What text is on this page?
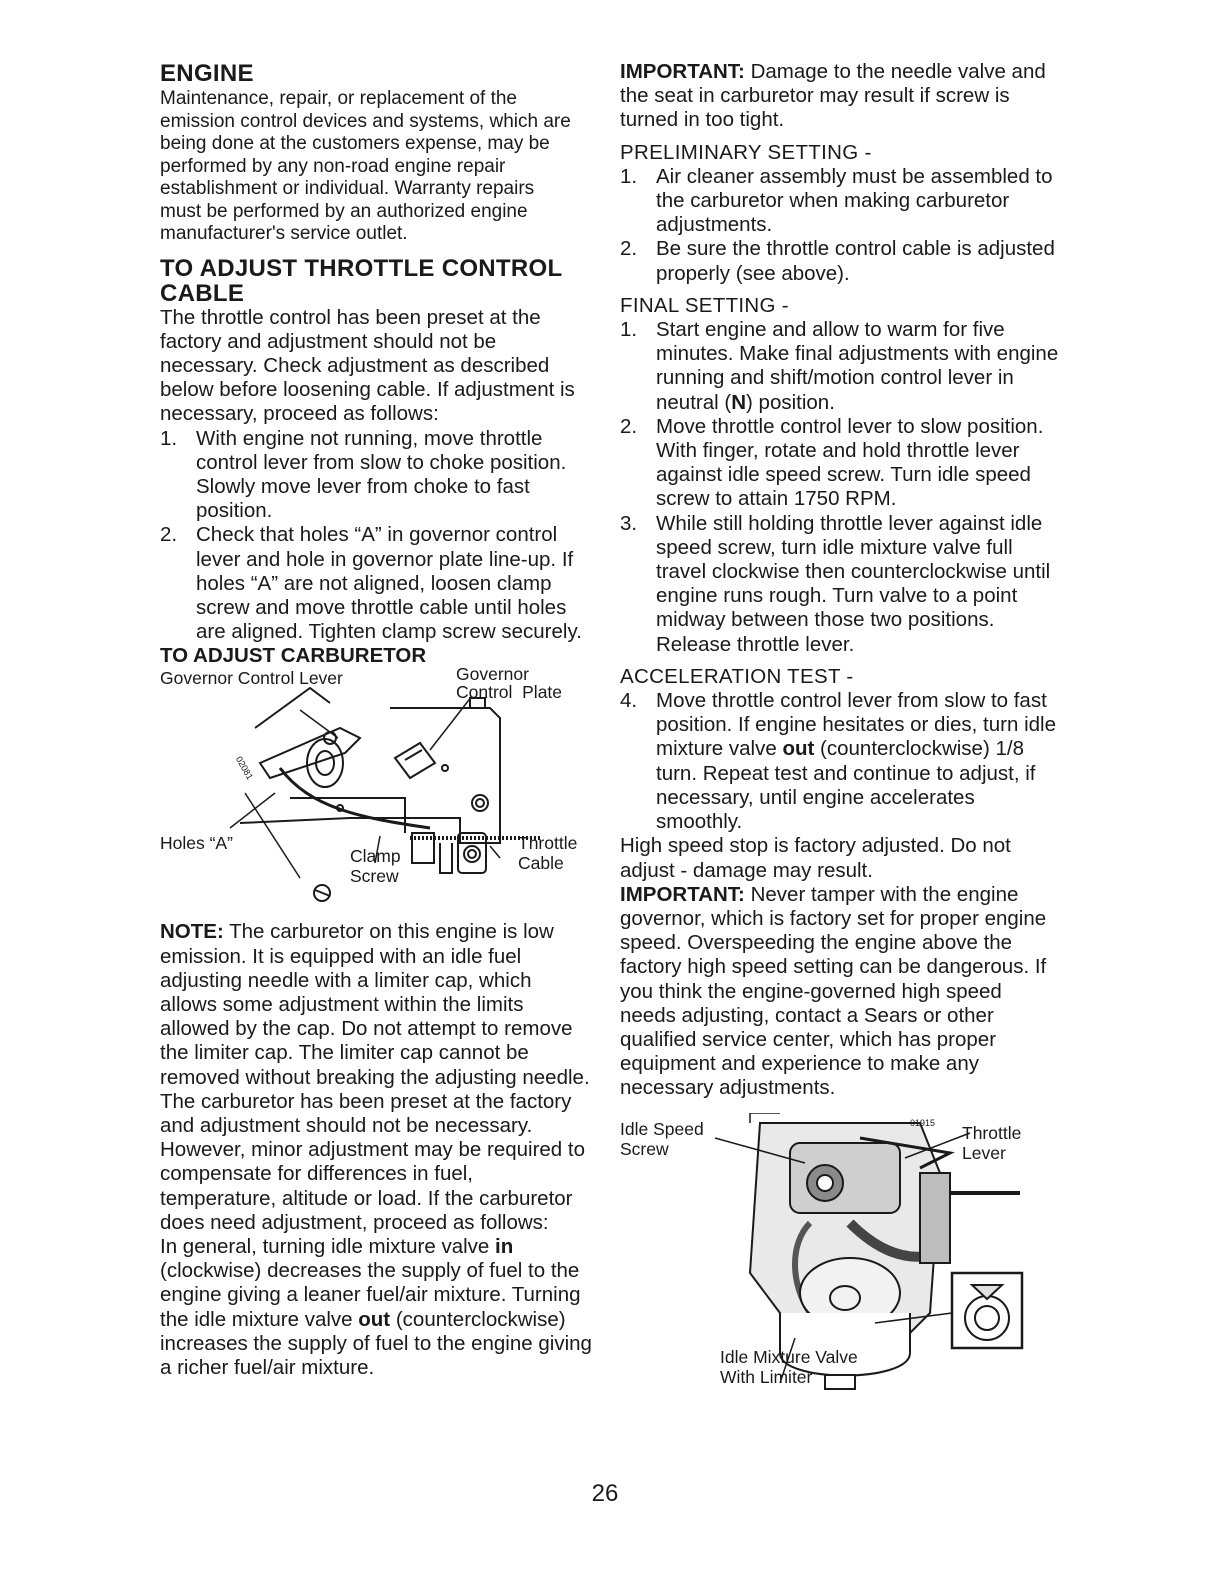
ENGINE

Maintenance, repair, or replacement of the emission control devices and systems, which are being done at the customers expense, may be performed by any non-road engine repair establishment or individual. Warranty repairs must be performed by an authorized engine manufacturer's service outlet.

TO ADJUST THROTTLE CONTROL
CABLE

The throttle control has been preset at the factory and adjustment should not be necessary. Check adjustment as described below before loosening cable. If adjustment is necessary, proceed as follows:

1. With engine not running, move throttle control lever from slow to choke position. Slowly move lever from choke to fast position.
2. Check that holes “A” in governor control lever and hole in governor plate line-up. If holes “A” are not aligned, loosen clamp screw and move throttle cable until holes are aligned. Tighten clamp screw securely.
TO ADJUST CARBURETOR
Governor Control Lever	Governor
Control  Plate
Holes “A”
Clamp
Screw
Throttle
Cable
02081

NOTE: The carburetor on this engine is low emission. It is equipped with an idle fuel adjusting needle with a limiter cap, which allows some adjustment within the limits allowed by the cap. Do not attempt to remove the limiter cap. The limiter cap cannot be removed without breaking the adjusting needle.

The carburetor has been preset at the factory and adjustment should not be necessary. However, minor adjustment may be required to compensate for differences in fuel, temperature, altitude or load. If the carburetor does need adjustment, proceed as follows:

In general, turning idle mixture valve in (clockwise) decreases the supply of fuel to the engine giving a leaner fuel/air mixture. Turning the idle mixture valve out (counterclockwise) increases the supply of fuel to the engine giving a richer fuel/air mixture.

IMPORTANT: Damage to the needle valve and the seat in carburetor may result if screw is turned in too tight.

PRELIMINARY SETTING -

1. Air cleaner assembly must be assembled to the carburetor when making carburetor adjustments.
2. Be sure the throttle control cable is adjusted properly (see above).

FINAL SETTING -

1. Start engine and allow to warm for five minutes. Make final adjustments with engine running and shift/motion control lever in neutral (N) position.
2. Move throttle control lever to slow position. With finger, rotate and hold throttle lever against idle speed screw. Turn idle speed screw to attain 1750 RPM.
3. While still holding throttle lever against idle speed screw, turn idle mixture valve full travel clockwise then counterclockwise until engine runs rough. Turn valve to a point midway between those two positions. Release throttle lever.

ACCELERATION TEST -

4. Move throttle control lever from slow to fast position. If engine hesitates or dies, turn idle mixture valve out (counterclockwise) 1/8 turn. Repeat test and continue to adjust, if necessary, until engine accelerates smoothly.

High speed stop is factory adjusted. Do not adjust - damage may result.

IMPORTANT: Never tamper with the engine governor, which is factory set for proper engine speed. Overspeeding the engine above the factory high speed setting can be dangerous. If you think the engine-governed high speed needs adjusting, contact a Sears or other qualified service center, which has proper equipment and experience to make any necessary adjustments.

Idle Speed
Screw
Throttle
Lever
Idle Mixture Valve
With Limiter
01915
26
